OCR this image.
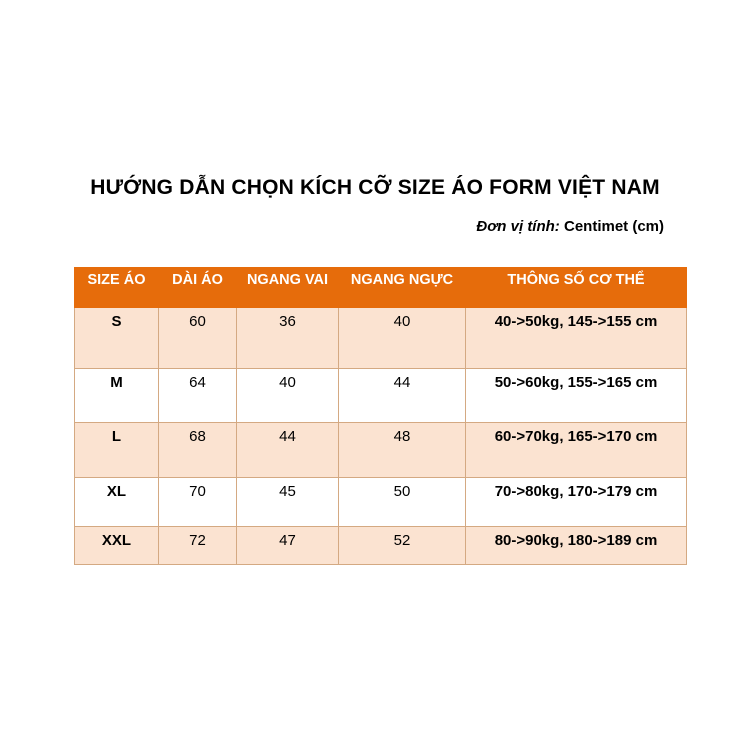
HƯỚNG DẪN CHỌN KÍCH CỠ SIZE ÁO FORM VIỆT NAM
Đơn vị tính: Centimet (cm)
SIZE ÁO	DÀI ÁO	NGANG VAI	NGANG NGỰC	THÔNG SỐ CƠ THỂ
S	60	36	40	40->50kg, 145->155 cm
M	64	40	44	50->60kg, 155->165 cm
L	68	44	48	60->70kg, 165->170 cm
XL	70	45	50	70->80kg, 170->179 cm
XXL	72	47	52	80->90kg, 180->189 cm
